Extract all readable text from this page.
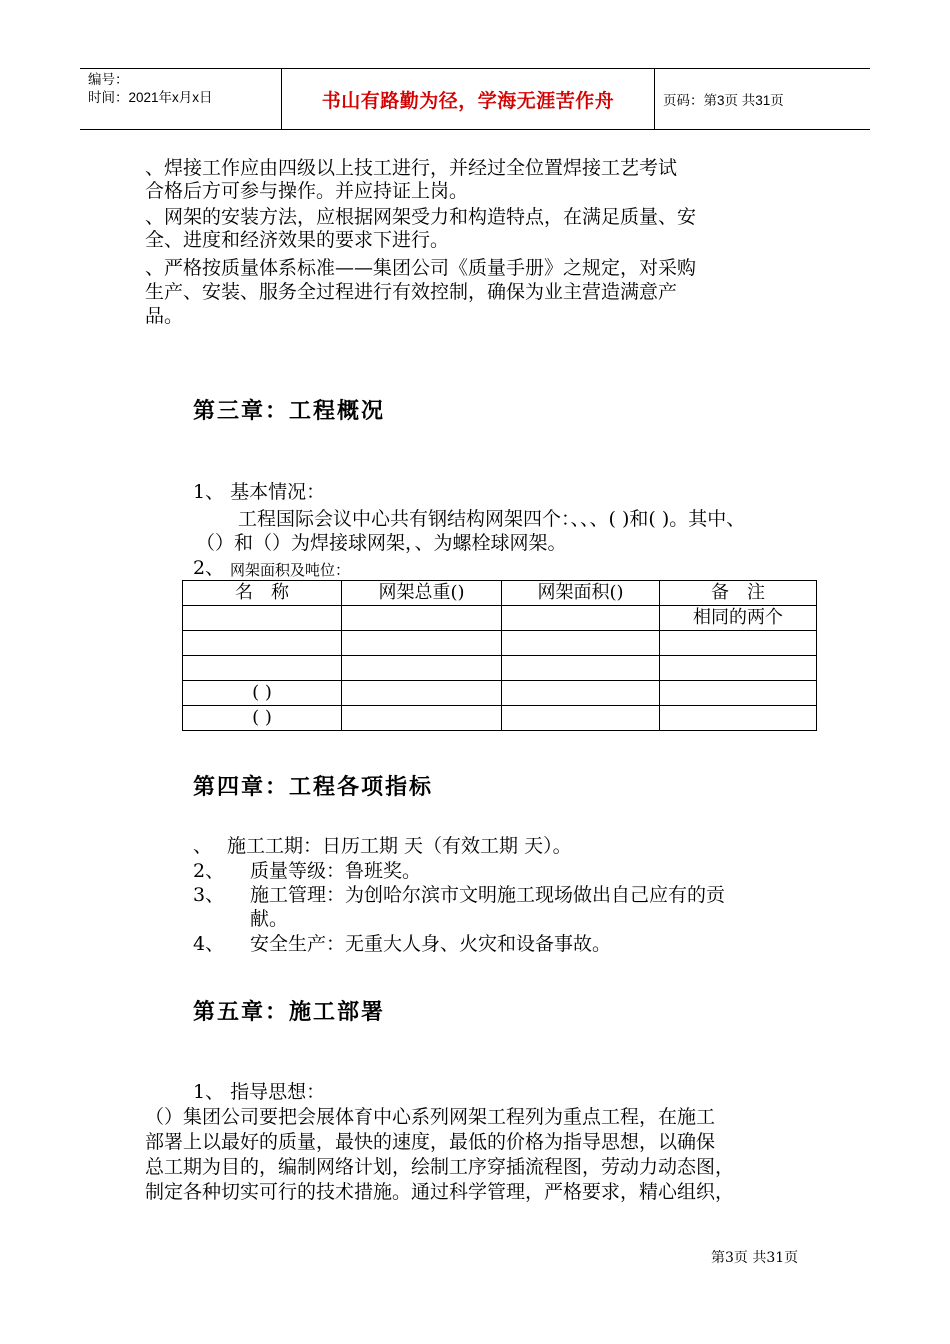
编号：
时间：2021年x月x日	书山有路勤为径，学海无涯苦作舟	页码：第3页 共31页
、焊接工作应由四级以上技工进行，并经过全位置焊接工艺考试
合格后方可参与操作。并应持证上岗。
、网架的安装方法，应根据网架受力和构造特点，在满足质量、安
全、进度和经济效果的要求下进行。
、严格按质量体系标准——集团公司《质量手册》之规定，对采购
生产、安装、服务全过程进行有效控制，确保为业主营造满意产
品。
第三章：工程概况
1、 基本情况：
工程国际会议中心共有钢结构网架四个：、、、( )和( )。其中、
（）和（）为焊接球网架，、为螺栓球网架。
2、 网架面积及吨位：
名　称	网架总重()	网架面积()	备　注
			相同的两个

( )			
( )			
第四章：工程各项指标
、 施工工期：日历工期 天（有效工期 天）。
2、 质量等级：鲁班奖。
3、 施工管理：为创哈尔滨市文明施工现场做出自己应有的贡
献。
4、 安全生产：无重大人身、火灾和设备事故。
第五章：施工部署
1、 指导思想：
（）集团公司要把会展体育中心系列网架工程列为重点工程，在施工
部署上以最好的质量，最快的速度，最低的价格为指导思想，以确保
总工期为目的，编制网络计划，绘制工序穿插流程图，劳动力动态图，
制定各种切实可行的技术措施。通过科学管理，严格要求，精心组织，
第3页 共31页
